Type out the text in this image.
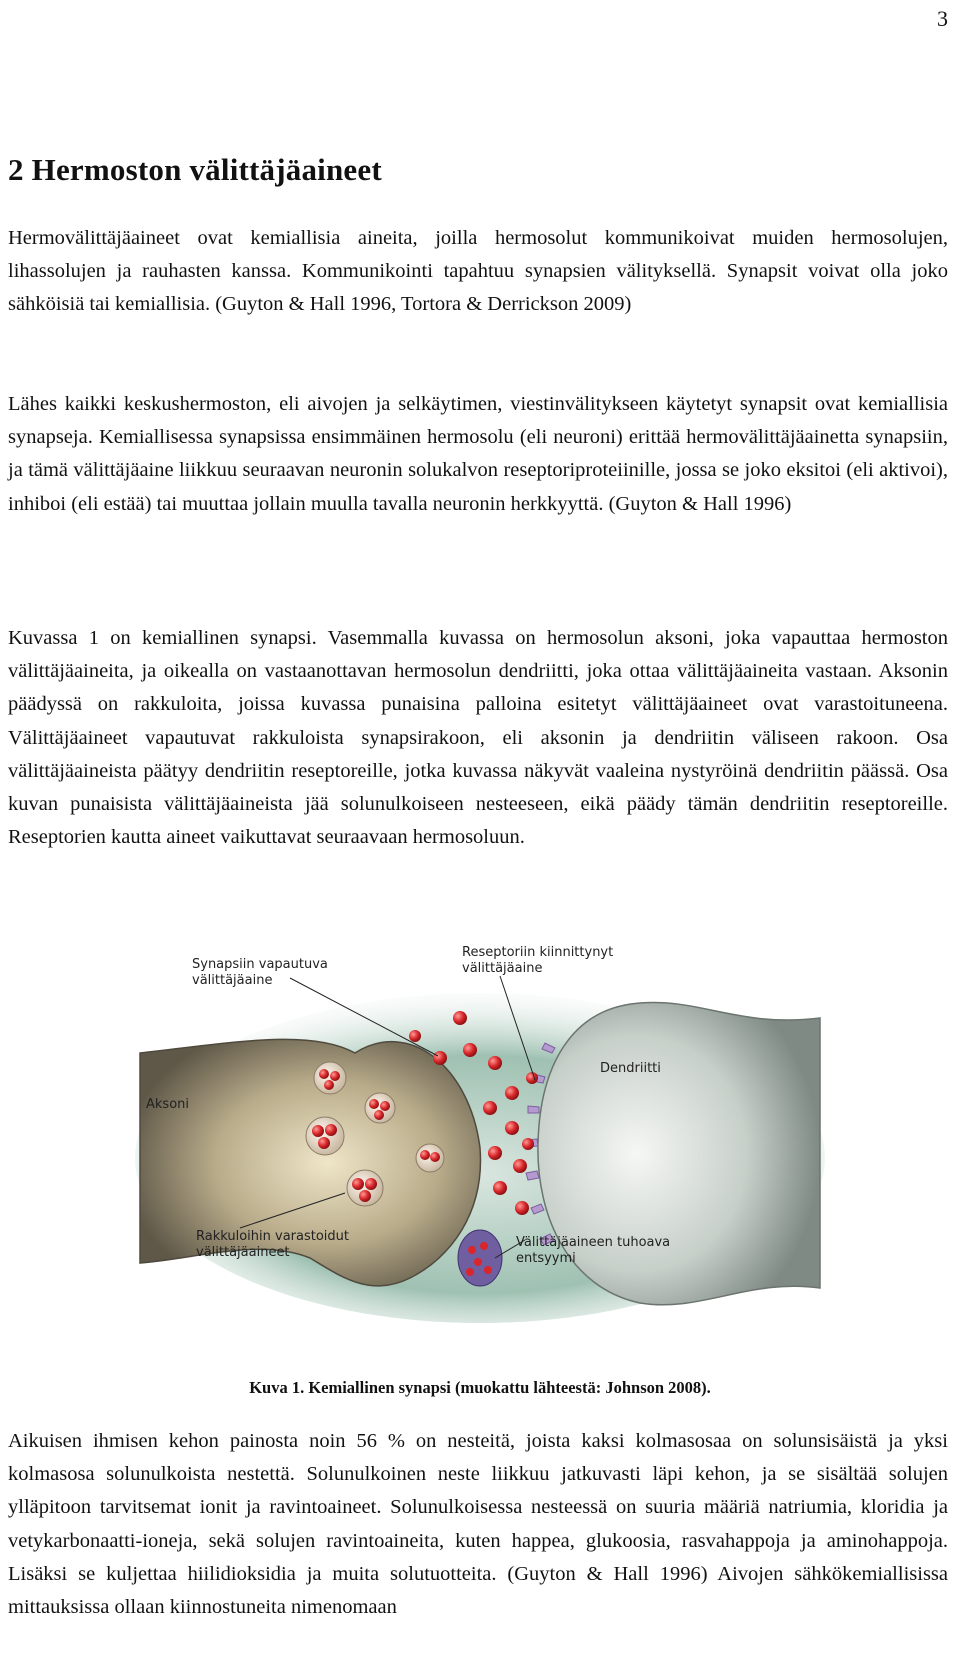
3
2 Hermoston välittäjäaineet

Hermovälittäjäaineet ovat kemiallisia aineita, joilla hermosolut kommunikoivat muiden hermosolujen, lihassolujen ja rauhasten kanssa. Kommunikointi tapahtuu synapsien välityksellä. Synapsit voivat olla joko sähköisiä tai kemiallisia. (Guyton & Hall 1996, Tortora & Derrickson 2009)

Lähes kaikki keskushermoston, eli aivojen ja selkäytimen, viestinvälitykseen käytetyt synapsit ovat kemiallisia synapseja. Kemiallisessa synapsissa ensimmäinen hermosolu (eli neuroni) erittää hermovälittäjäainetta synapsiin, ja tämä välittäjäaine liikkuu seuraavan neuronin solukalvon reseptoriproteiinille, jossa se joko eksitoi (eli aktivoi), inhiboi (eli estää) tai muuttaa jollain muulla tavalla neuronin herkkyyttä. (Guyton & Hall 1996)

Kuvassa 1 on kemiallinen synapsi. Vasemmalla kuvassa on hermosolun aksoni, joka vapauttaa hermoston välittäjäaineita, ja oikealla on vastaanottavan hermosolun dendriitti, joka ottaa välittäjäaineita vastaan. Aksonin päädyssä on rakkuloita, joissa kuvassa punaisina palloina esitetyt välittäjäaineet ovat varastoituneena. Välittäjäaineet vapautuvat rakkuloista synapsirakoon, eli aksonin ja dendriitin väliseen rakoon. Osa välittäjäaineista päätyy dendriitin reseptoreille, jotka kuvassa näkyvät vaaleina nystyröinä dendriitin päässä. Osa kuvan punaisista välittäjäaineista jää solunulkoiseen nesteeseen, eikä päädy tämän dendriitin reseptoreille. Reseptorien kautta aineet vaikuttavat seuraavaan hermosoluun.

Synapsiin vapautuva
välittäjäaine
Reseptoriin kiinnittynyt
välittäjäaine
Dendriitti
Aksoni
Rakkuloihin varastoidut
välittäjäaineet
Välittäjäaineen tuhoava
entsyymi

Kuva 1. Kemiallinen synapsi (muokattu lähteestä: Johnson 2008).

Aikuisen ihmisen kehon painosta noin 56 % on nesteitä, joista kaksi kolmasosaa on solunsisäistä ja yksi kolmasosa solunulkoista nestettä. Solunulkoinen neste liikkuu jatkuvasti läpi kehon, ja se sisältää solujen ylläpitoon tarvitsemat ionit ja ravintoaineet. Solunulkoisessa nesteessä on suuria määriä natriumia, kloridia ja vetykarbonaatti-ioneja, sekä solujen ravintoaineita, kuten happea, glukoosia, rasvahappoja ja aminohappoja. Lisäksi se kuljettaa hiilidioksidia ja muita solutuotteita. (Guyton & Hall 1996) Aivojen sähkökemiallisissa mittauksissa ollaan kiinnostuneita nimenomaan
